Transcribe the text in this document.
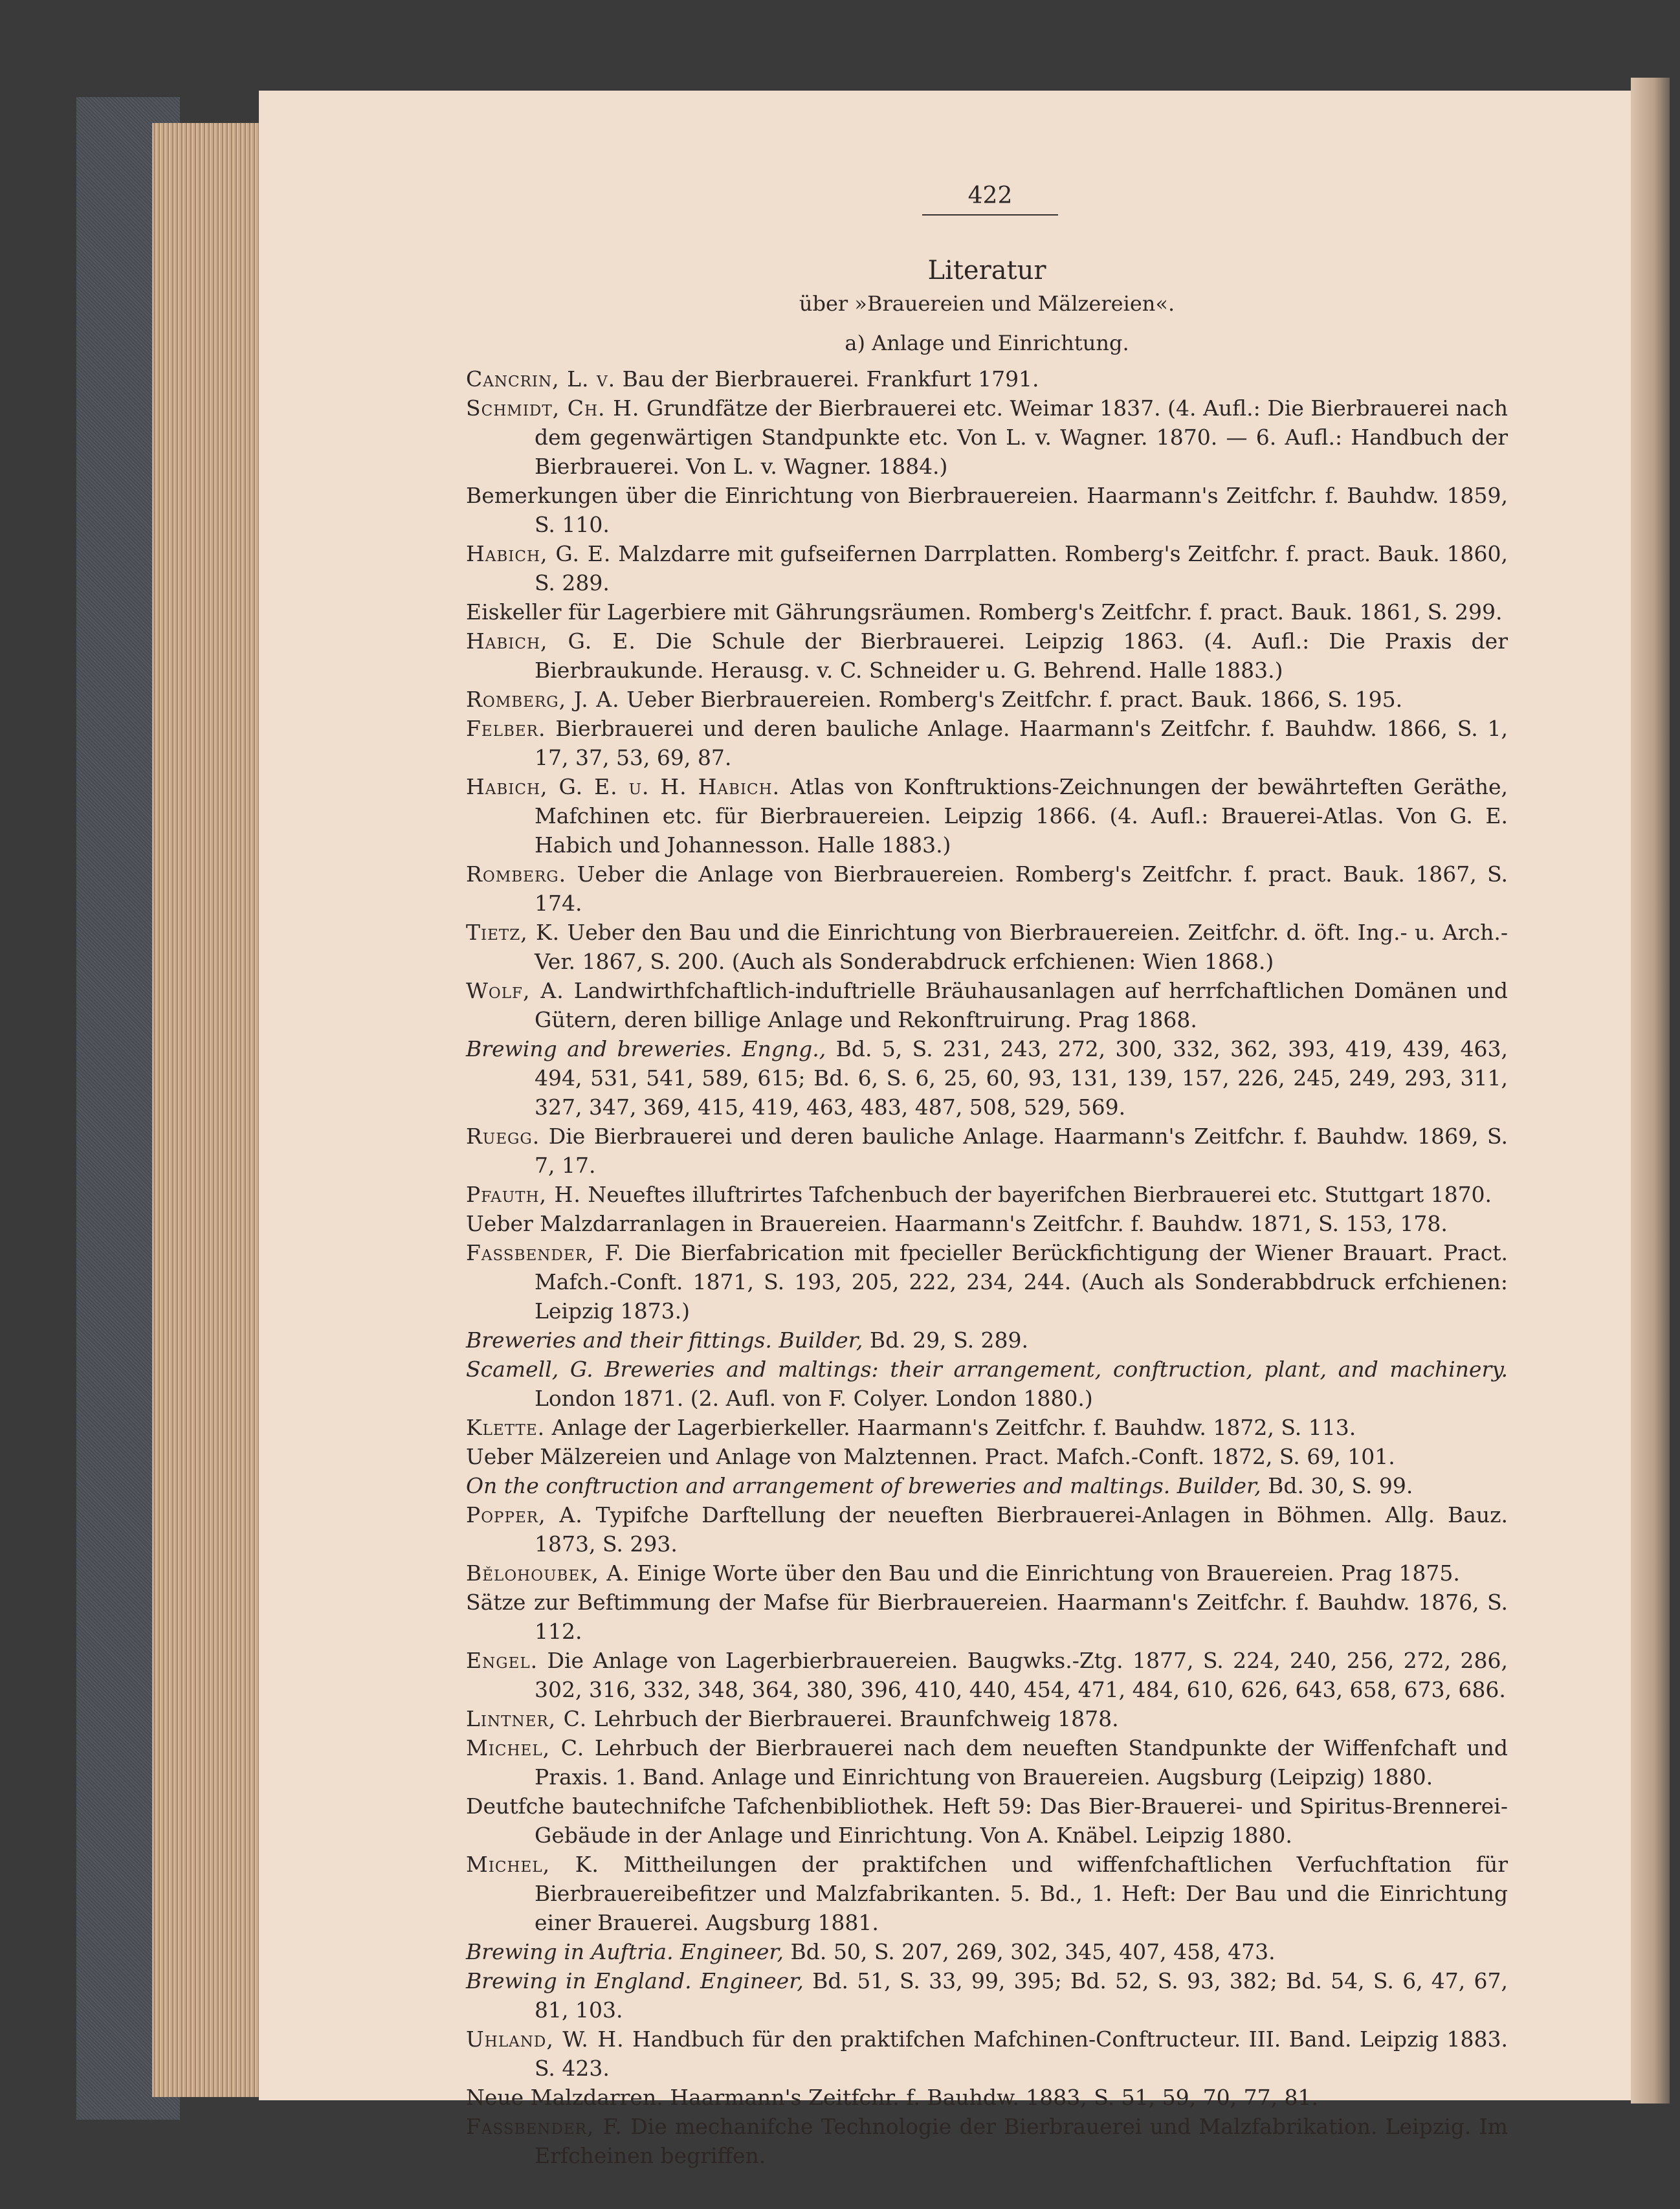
422
Literatur
über »Brauereien und Mälzereien«.
a) Anlage und Einrichtung.

Cancrin, L. v. Bau der Bierbrauerei. Frankfurt 1791.

Schmidt, Ch. H. Grundfätze der Bierbrauerei etc. Weimar 1837. (4. Aufl.: Die Bierbrauerei nach dem gegenwärtigen Standpunkte etc. Von L. v. Wagner. 1870. — 6. Aufl.: Handbuch der Bierbrauerei. Von L. v. Wagner. 1884.)

Bemerkungen über die Einrichtung von Bierbrauereien. Haarmann's Zeitfchr. f. Bauhdw. 1859, S. 110.

Habich, G. E. Malzdarre mit gufseifernen Darrplatten. Romberg's Zeitfchr. f. pract. Bauk. 1860, S. 289.

Eiskeller für Lagerbiere mit Gährungsräumen. Romberg's Zeitfchr. f. pract. Bauk. 1861, S. 299.

Habich, G. E. Die Schule der Bierbrauerei. Leipzig 1863. (4. Aufl.: Die Praxis der Bierbraukunde. Herausg. v. C. Schneider u. G. Behrend. Halle 1883.)

Romberg, J. A. Ueber Bierbrauereien. Romberg's Zeitfchr. f. pract. Bauk. 1866, S. 195.

Felber. Bierbrauerei und deren bauliche Anlage. Haarmann's Zeitfchr. f. Bauhdw. 1866, S. 1, 17, 37, 53, 69, 87.

Habich, G. E. u. H. Habich. Atlas von Konftruktions-Zeichnungen der bewährteften Geräthe, Mafchinen etc. für Bierbrauereien. Leipzig 1866. (4. Aufl.: Brauerei-Atlas. Von G. E. Habich und Johannesson. Halle 1883.)

Romberg. Ueber die Anlage von Bierbrauereien. Romberg's Zeitfchr. f. pract. Bauk. 1867, S. 174.

Tietz, K. Ueber den Bau und die Einrichtung von Bierbrauereien. Zeitfchr. d. öft. Ing.- u. Arch.-Ver. 1867, S. 200. (Auch als Sonderabdruck erfchienen: Wien 1868.)

Wolf, A. Landwirthfchaftlich-induftrielle Bräuhausanlagen auf herrfchaftlichen Domänen und Gütern, deren billige Anlage und Rekonftruirung. Prag 1868.

Brewing and breweries. Engng., Bd. 5, S. 231, 243, 272, 300, 332, 362, 393, 419, 439, 463, 494, 531, 541, 589, 615; Bd. 6, S. 6, 25, 60, 93, 131, 139, 157, 226, 245, 249, 293, 311, 327, 347, 369, 415, 419, 463, 483, 487, 508, 529, 569.

Ruegg. Die Bierbrauerei und deren bauliche Anlage. Haarmann's Zeitfchr. f. Bauhdw. 1869, S. 7, 17.

Pfauth, H. Neueftes illuftrirtes Tafchenbuch der bayerifchen Bierbrauerei etc. Stuttgart 1870.

Ueber Malzdarranlagen in Brauereien. Haarmann's Zeitfchr. f. Bauhdw. 1871, S. 153, 178.

Fassbender, F. Die Bierfabrication mit fpecieller Berückfichtigung der Wiener Brauart. Pract. Mafch.-Conft. 1871, S. 193, 205, 222, 234, 244. (Auch als Sonderabbdruck erfchienen: Leipzig 1873.)

Breweries and their fittings. Builder, Bd. 29, S. 289.

Scamell, G. Breweries and maltings: their arrangement, conftruction, plant, and machinery. London 1871. (2. Aufl. von F. Colyer. London 1880.)

Klette. Anlage der Lagerbierkeller. Haarmann's Zeitfchr. f. Bauhdw. 1872, S. 113.

Ueber Mälzereien und Anlage von Malztennen. Pract. Mafch.-Conft. 1872, S. 69, 101.

On the conftruction and arrangement of breweries and maltings. Builder, Bd. 30, S. 99.

Popper, A. Typifche Darftellung der neueften Bierbrauerei-Anlagen in Böhmen. Allg. Bauz. 1873, S. 293.

Bělohoubek, A. Einige Worte über den Bau und die Einrichtung von Brauereien. Prag 1875.

Sätze zur Beftimmung der Mafse für Bierbrauereien. Haarmann's Zeitfchr. f. Bauhdw. 1876, S. 112.

Engel. Die Anlage von Lagerbierbrauereien. Baugwks.-Ztg. 1877, S. 224, 240, 256, 272, 286, 302, 316, 332, 348, 364, 380, 396, 410, 440, 454, 471, 484, 610, 626, 643, 658, 673, 686.

Lintner, C. Lehrbuch der Bierbrauerei. Braunfchweig 1878.

Michel, C. Lehrbuch der Bierbrauerei nach dem neueften Standpunkte der Wiffenfchaft und Praxis. 1. Band. Anlage und Einrichtung von Brauereien. Augsburg (Leipzig) 1880.

Deutfche bautechnifche Tafchenbibliothek. Heft 59: Das Bier-Brauerei- und Spiritus-Brennerei-Gebäude in der Anlage und Einrichtung. Von A. Knäbel. Leipzig 1880.

Michel, K. Mittheilungen der praktifchen und wiffenfchaftlichen Verfuchftation für Bierbrauereibefitzer und Malzfabrikanten. 5. Bd., 1. Heft: Der Bau und die Einrichtung einer Brauerei. Augsburg 1881.

Brewing in Auftria. Engineer, Bd. 50, S. 207, 269, 302, 345, 407, 458, 473.

Brewing in England. Engineer, Bd. 51, S. 33, 99, 395; Bd. 52, S. 93, 382; Bd. 54, S. 6, 47, 67, 81, 103.

Uhland, W. H. Handbuch für den praktifchen Mafchinen-Conftructeur. III. Band. Leipzig 1883. S. 423.

Neue Malzdarren. Haarmann's Zeitfchr. f. Bauhdw. 1883, S. 51, 59, 70, 77, 81.

Fassbender, F. Die mechanifche Technologie der Bierbrauerei und Malzfabrikation. Leipzig. Im Erfcheinen begriffen.
